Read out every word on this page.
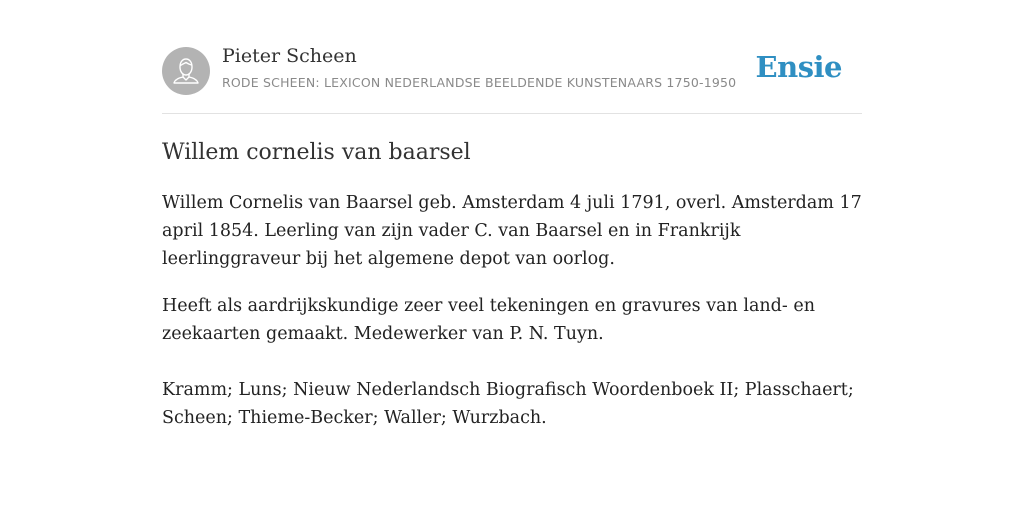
Pieter Scheen
RODE SCHEEN: LEXICON NEDERLANDSE BEELDENDE KUNSTENAARS 1750-1950 Ensie
Willem cornelis van baarsel

Willem Cornelis van Baarsel geb. Amsterdam 4 juli 1791, overl. Amsterdam 17 april 1854. Leerling van zijn vader C. van Baarsel en in Frankrijk leerlinggraveur bij het algemene depot van oorlog.

Heeft als aardrijkskundige zeer veel tekeningen en gravures van land- en zeekaarten gemaakt. Medewerker van P. N. Tuyn.

Kramm; Luns; Nieuw Nederlandsch Biografisch Woordenboek II; Plasschaert; Scheen; Thieme-Becker; Waller; Wurzbach.
